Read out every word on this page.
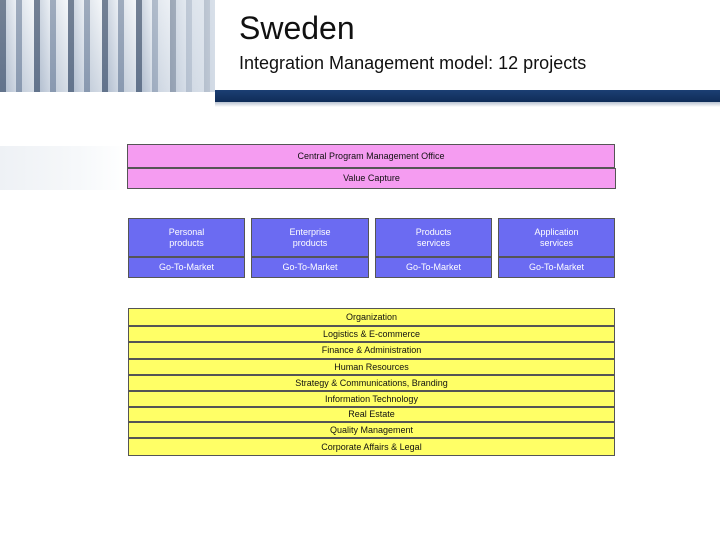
Sweden
Integration Management model: 12 projects
Central Program Management Office
Value Capture
Personal
products
Enterprise
products
Products
services
Application
services
Go-To-Market	Go-To-Market	Go-To-Market	Go-To-Market
Organization
Logistics & E-commerce
Finance & Administration
Human Resources
Strategy & Communications, Branding
Information Technology
Real Estate
Quality Management
Corporate Affairs & Legal
